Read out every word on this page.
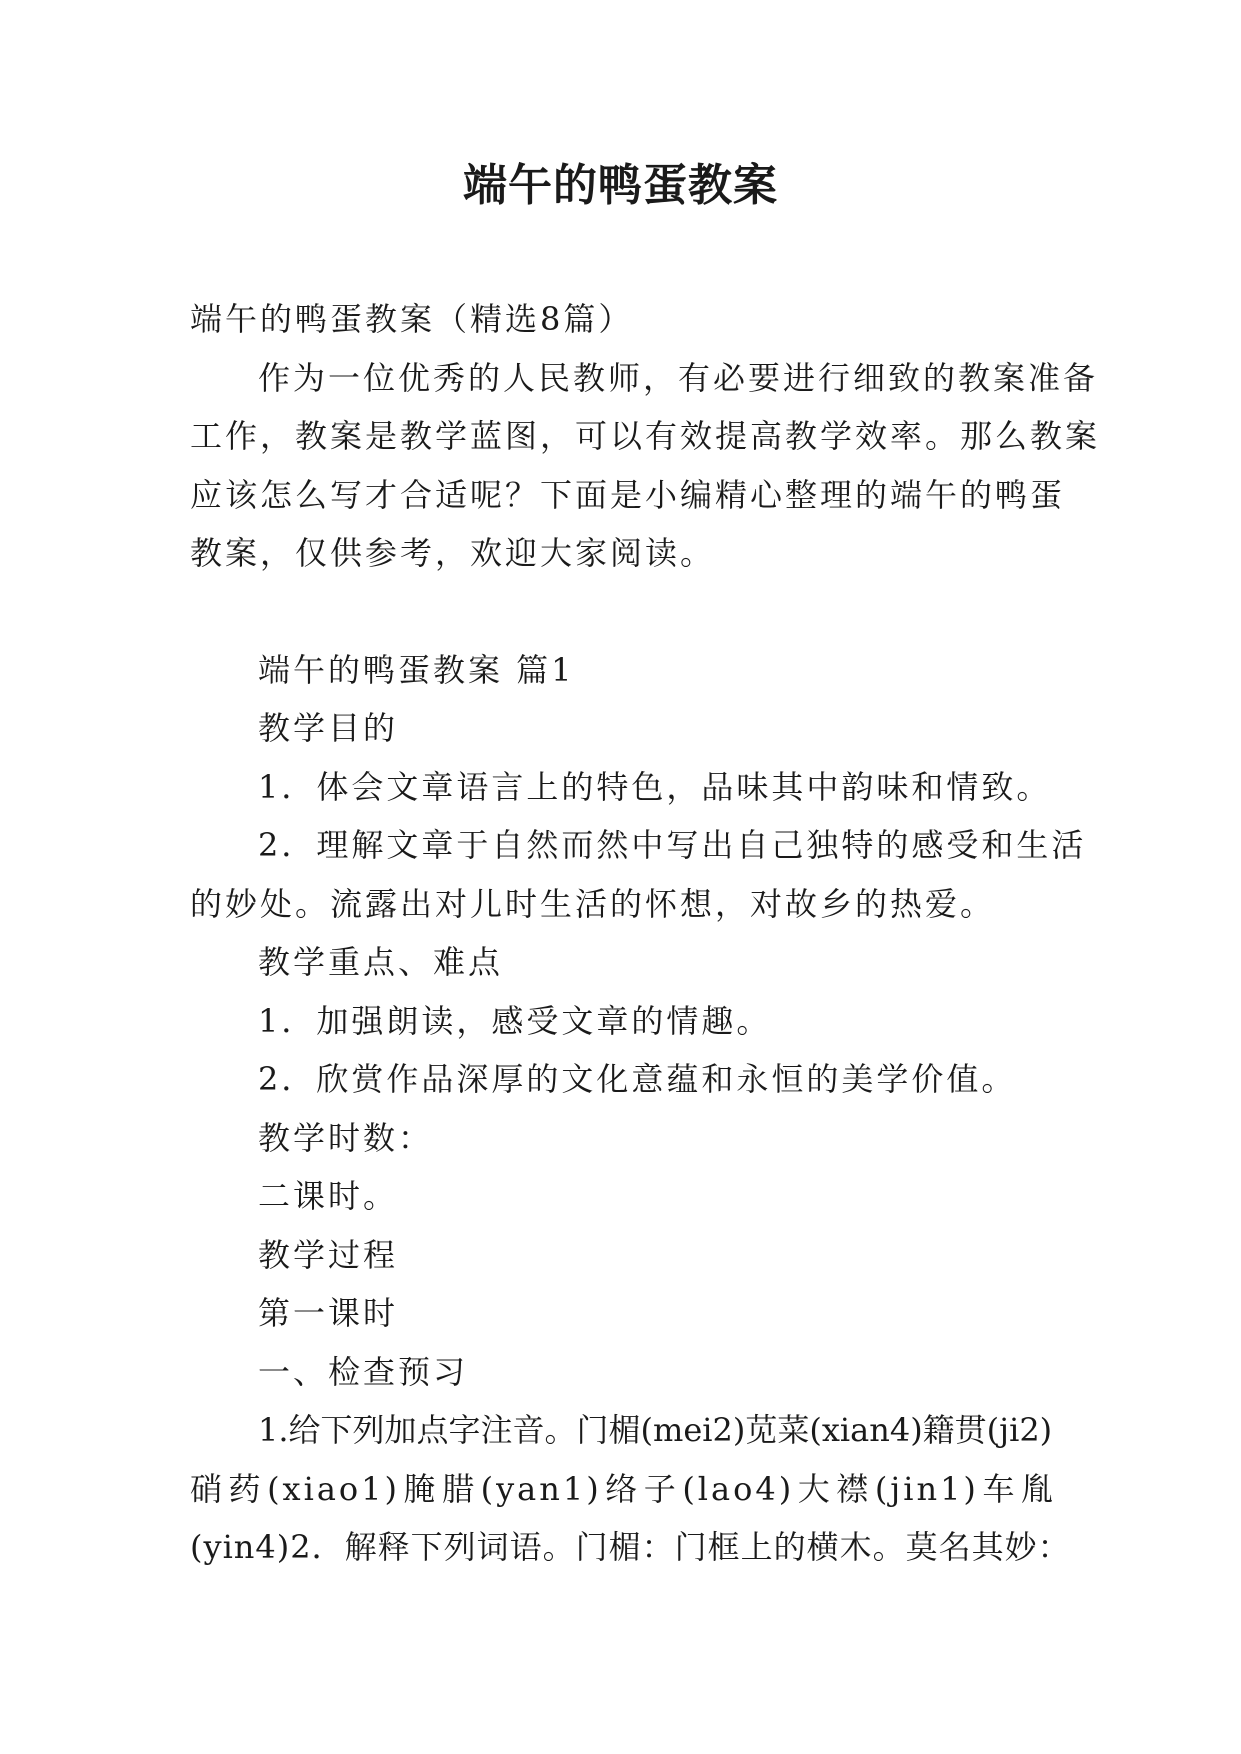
端午的鸭蛋教案

端午的鸭蛋教案（精选8篇）

作为一位优秀的人民教师，有必要进行细致的教案准备

工作，教案是教学蓝图，可以有效提高教学效率。那么教案

应该怎么写才合适呢？下面是小编精心整理的端午的鸭蛋

教案，仅供参考，欢迎大家阅读。

端午的鸭蛋教案 篇1

教学目的

1．体会文章语言上的特色，品味其中韵味和情致。

2．理解文章于自然而然中写出自己独特的感受和生活

的妙处。流露出对儿时生活的怀想，对故乡的热爱。

教学重点、难点

1．加强朗读，感受文章的情趣。

2．欣赏作品深厚的文化意蕴和永恒的美学价值。

教学时数：

二课时。

教学过程

第一课时

一、检查预习

1.给下列加点字注音。门楣(mei2)苋菜(xian4)籍贯(ji2)

硝药(xiao1)腌腊(yan1)络子(lao4)大襟(jin1)车胤

(yin4)2．解释下列词语。门楣：门框上的横木。莫名其妙：
